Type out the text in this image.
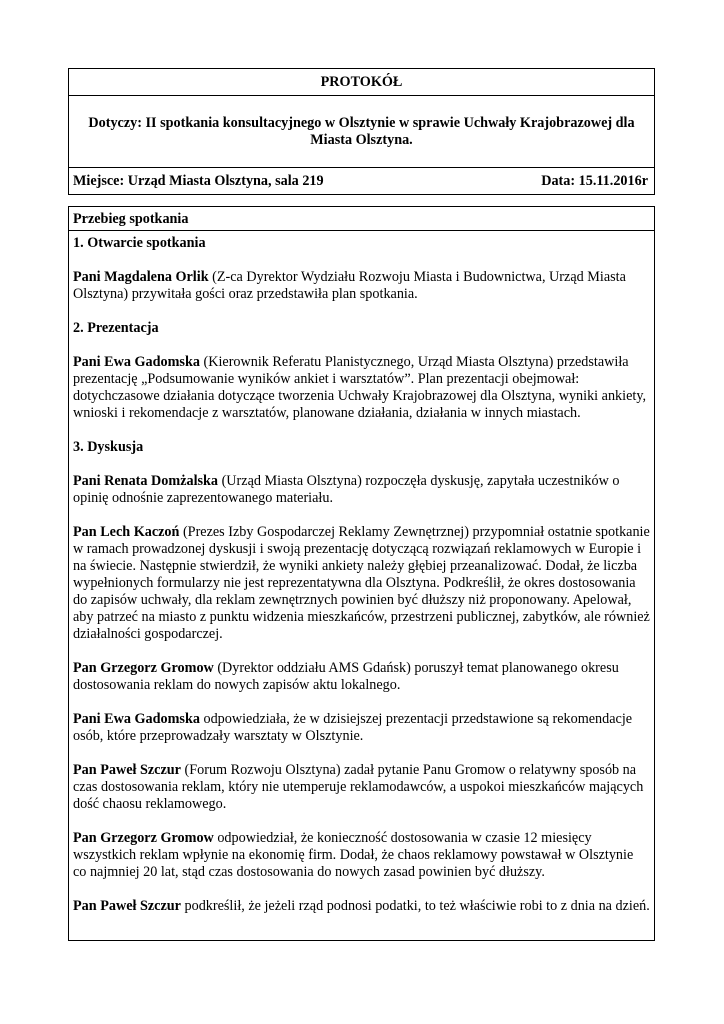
PROTOKÓŁ
Dotyczy: II spotkania konsultacyjnego w Olsztynie w sprawie Uchwały Krajobrazowej dla Miasta Olsztyna.
Miejsce: Urząd Miasta Olsztyna, sala 219	Data: 15.11.2016r
Przebieg spotkania

1. Otwarcie spotkania

Pani Magdalena Orlik (Z-ca Dyrektor Wydziału Rozwoju Miasta i Budownictwa, Urząd Miasta Olsztyna) przywitała gości oraz przedstawiła plan spotkania.

2. Prezentacja

Pani Ewa Gadomska (Kierownik Referatu Planistycznego, Urząd Miasta Olsztyna) przedstawiła prezentację „Podsumowanie wyników ankiet i warsztatów”. Plan prezentacji obejmował: dotychczasowe działania dotyczące tworzenia Uchwały Krajobrazowej dla Olsztyna, wyniki ankiety, wnioski i rekomendacje z warsztatów, planowane działania, działania w innych miastach.

3. Dyskusja

Pani Renata Domżalska (Urząd Miasta Olsztyna) rozpoczęła dyskusję, zapytała uczestników o opinię odnośnie zaprezentowanego materiału.

Pan Lech Kaczoń (Prezes Izby Gospodarczej Reklamy Zewnętrznej) przypomniał ostatnie spotkanie w ramach prowadzonej dyskusji i swoją prezentację dotyczącą rozwiązań reklamowych w Europie i na świecie. Następnie stwierdził, że wyniki ankiety należy głębiej przeanalizować. Dodał, że liczba wypełnionych formularzy nie jest reprezentatywna dla Olsztyna. Podkreślił, że okres dostosowania do zapisów uchwały, dla reklam zewnętrznych powinien być dłuższy niż proponowany. Apelował, aby patrzeć na miasto z punktu widzenia mieszkańców, przestrzeni publicznej, zabytków, ale również działalności gospodarczej.

Pan Grzegorz Gromow (Dyrektor oddziału AMS Gdańsk) poruszył temat planowanego okresu dostosowania reklam do nowych zapisów aktu lokalnego.

Pani Ewa Gadomska odpowiedziała, że w dzisiejszej prezentacji przedstawione są rekomendacje osób, które przeprowadzały warsztaty w Olsztynie.

Pan Paweł Szczur (Forum Rozwoju Olsztyna) zadał pytanie Panu Gromow o relatywny sposób na czas dostosowania reklam, który nie utemperuje reklamodawców, a uspokoi mieszkańców mających dość chaosu reklamowego.

Pan Grzegorz Gromow odpowiedział, że konieczność dostosowania w czasie 12 miesięcy wszystkich reklam wpłynie na ekonomię firm. Dodał, że chaos reklamowy powstawał w Olsztynie co najmniej 20 lat, stąd czas dostosowania do nowych zasad powinien być dłuższy.

Pan Paweł Szczur podkreślił, że jeżeli rząd podnosi podatki, to też właściwie robi to z dnia na dzień.
